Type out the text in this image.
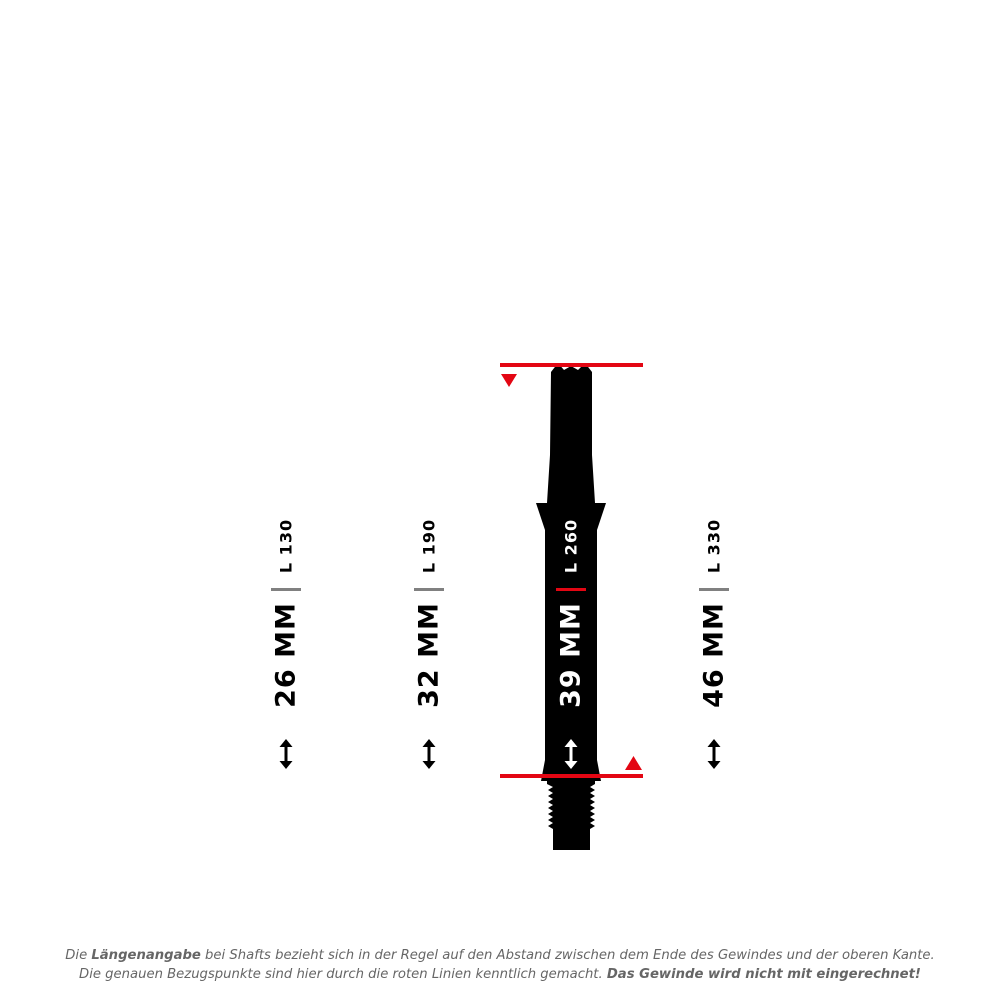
L 130
26 MM
L 190
32 MM
L 260
39 MM
L 330
46 MM
Die Längenangabe bei Shafts bezieht sich in der Regel auf den Abstand zwischen dem Ende des Gewindes und der oberen Kante.
Die genauen Bezugspunkte sind hier durch die roten Linien kenntlich gemacht. Das Gewinde wird nicht mit eingerechnet!
